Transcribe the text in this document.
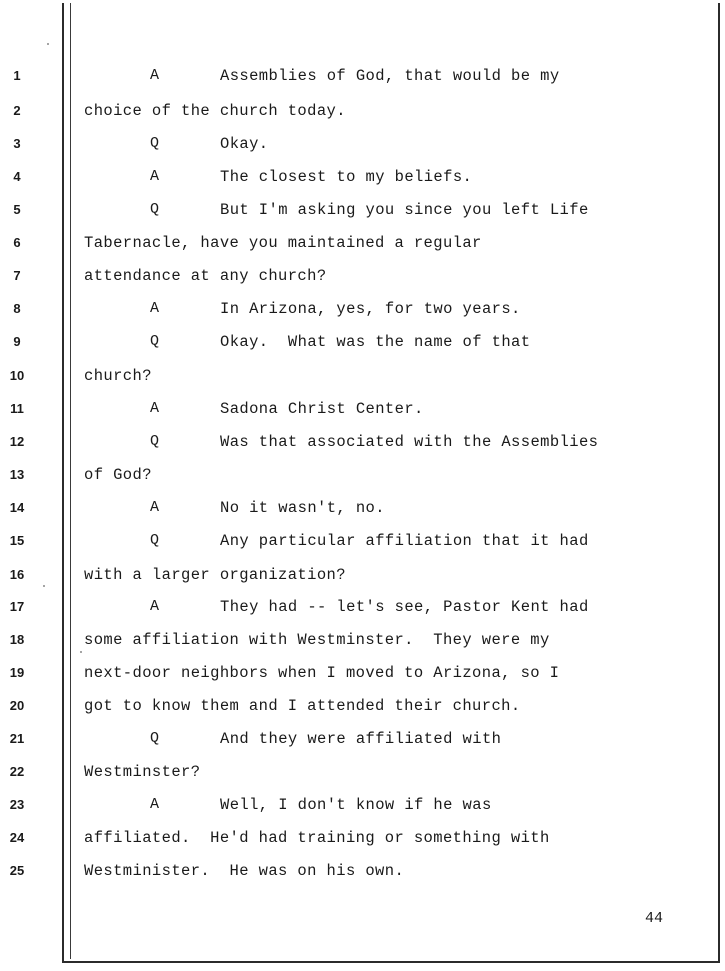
1	A	Assemblies of God, that would be my
2	choice of the church today.
3	Q	Okay.
4	A	The closest to my beliefs.
5	Q	But I'm asking you since you left Life
6	Tabernacle, have you maintained a regular
7	attendance at any church?
8	A	In Arizona, yes, for two years.
9	Q	Okay.  What was the name of that
10	church?
11	A	Sadona Christ Center.
12	Q	Was that associated with the Assemblies
13	of God?
14	A	No it wasn't, no.
15	Q	Any particular affiliation that it had
16	with a larger organization?
17	A	They had -- let's see, Pastor Kent had
18	some affiliation with Westminster.  They were my
19	next-door neighbors when I moved to Arizona, so I
20	got to know them and I attended their church.
21	Q	And they were affiliated with
22	Westminster?
23	A	Well, I don't know if he was
24	affiliated.  He'd had training or something with
25	Westminister.  He was on his own.
44
